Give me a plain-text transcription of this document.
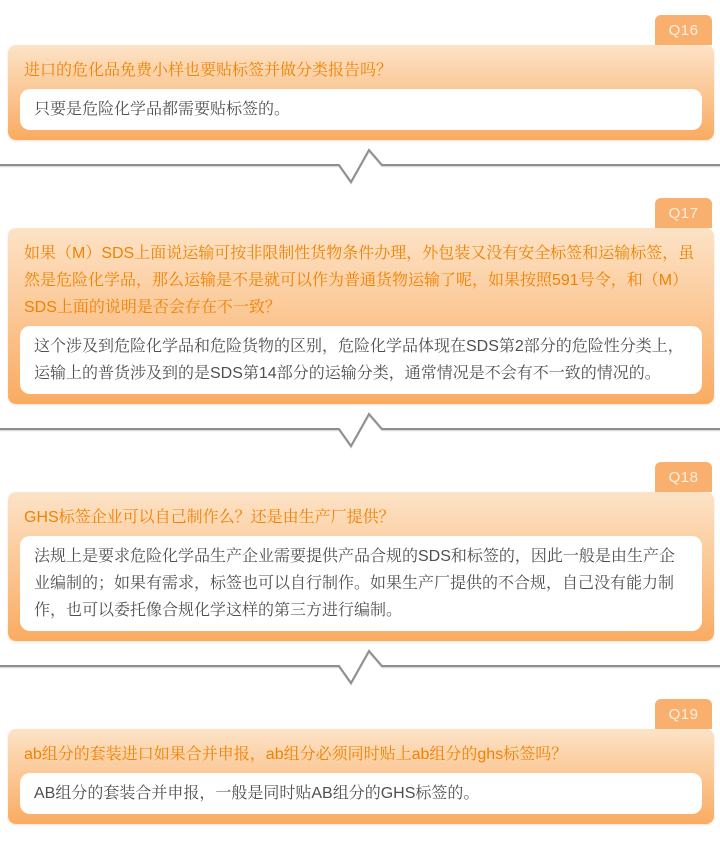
Q16
进口的危化品免费小样也要贴标签并做分类报告吗？

只要是危险化学品都需要贴标签的。

Q17
如果（M）SDS上面说运输可按非限制性货物条件办理，外包装又没有安全标签和运输标签，虽然是危险化学品，那么运输是不是就可以作为普通货物运输了呢，如果按照591号令，和（M）SDS上面的说明是否会存在不一致？

这个涉及到危险化学品和危险货物的区别，危险化学品体现在SDS第2部分的危险性分类上，运输上的普货涉及到的是SDS第14部分的运输分类，通常情况是不会有不一致的情况的。

Q18
GHS标签企业可以自己制作么？还是由生产厂提供？

法规上是要求危险化学品生产企业需要提供产品合规的SDS和标签的，因此一般是由生产企业编制的；如果有需求，标签也可以自行制作。如果生产厂提供的不合规，自己没有能力制作，也可以委托像合规化学这样的第三方进行编制。

Q19
ab组分的套装进口如果合并申报，ab组分必须同时贴上ab组分的ghs标签吗？

AB组分的套装合并申报，一般是同时贴AB组分的GHS标签的。
